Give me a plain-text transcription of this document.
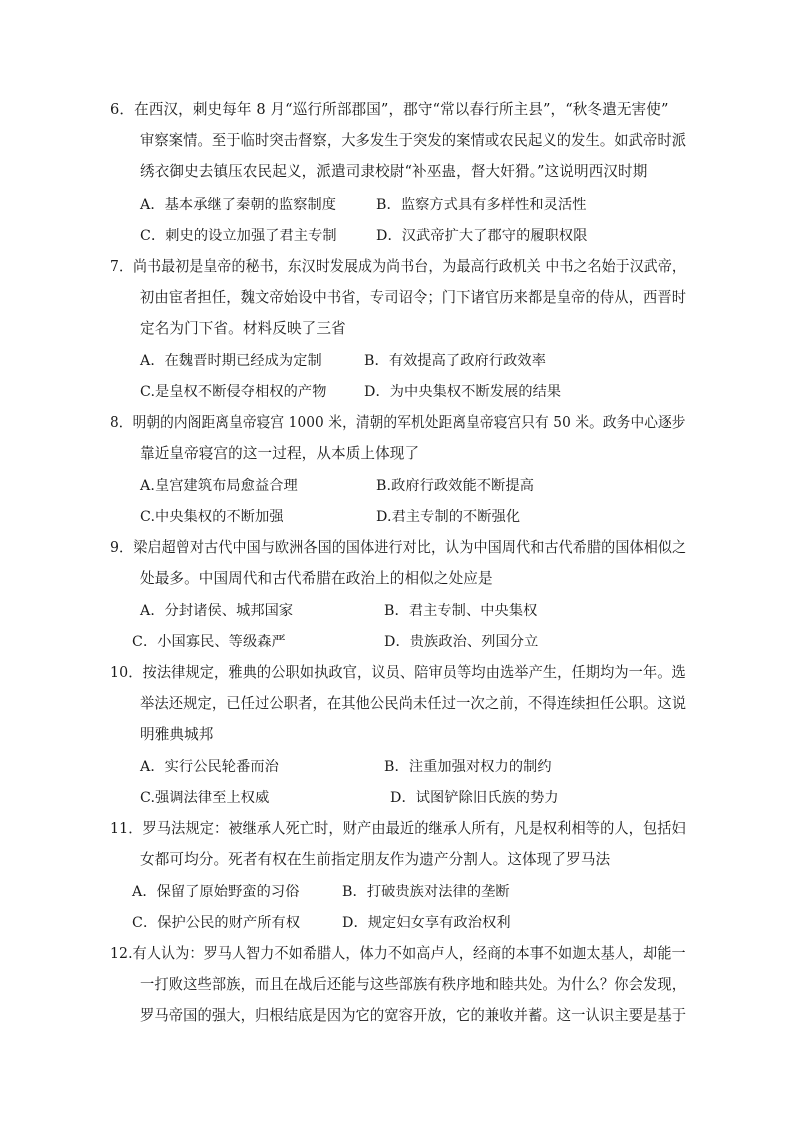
6．在西汉，刺史每年 8 月“巡行所部郡国”，郡守“常以春行所主县”，“秋冬遣无害使”
审察案情。至于临时突击督察，大多发生于突发的案情或农民起义的发生。如武帝时派
绣衣御史去镇压农民起义，派遣司隶校尉“补巫蛊，督大奸猾。”这说明西汉时期
A．基本承继了秦朝的监察制度	B．监察方式具有多样性和灵活性
C．刺史的设立加强了君主专制	D．汉武帝扩大了郡守的履职权限
7．尚书最初是皇帝的秘书，东汉时发展成为尚书台，为最高行政机关 中书之名始于汉武帝，
初由宦者担任，魏文帝始设中书省，专司诏令；门下诸官历来都是皇帝的侍从，西晋时
定名为门下省。材料反映了三省
A．在魏晋时期已经成为定制	B．有效提高了政府行政效率
C.是皇权不断侵夺相权的产物	D．为中央集权不断发展的结果
8．明朝的内阁距离皇帝寝宫 1000 米，清朝的军机处距离皇帝寝宫只有 50 米。政务中心逐步
靠近皇帝寝宫的这一过程，从本质上体现了
A.皇宫建筑布局愈益合理	B.政府行政效能不断提高
C.中央集权的不断加强	D.君主专制的不断强化
9．梁启超曾对古代中国与欧洲各国的国体进行对比，认为中国周代和古代希腊的国体相似之
处最多。中国周代和古代希腊在政治上的相似之处应是
A．分封诸侯、城邦国家	B．君主专制、中央集权
C．小国寡民、等级森严	D．贵族政治、列国分立
10．按法律规定，雅典的公职如执政官，议员、陪审员等均由选举产生，任期均为一年。选
举法还规定，已任过公职者，在其他公民尚未任过一次之前，不得连续担任公职。这说
明雅典城邦
A．实行公民轮番而治	B．注重加强对权力的制约
C.强调法律至上权威	D．试图铲除旧氏族的势力
11．罗马法规定：被继承人死亡时，财产由最近的继承人所有，凡是权利相等的人，包括妇
女都可均分。死者有权在生前指定朋友作为遗产分割人。这体现了罗马法
A．保留了原始野蛮的习俗	B．打破贵族对法律的垄断
C．保护公民的财产所有权	D．规定妇女享有政治权利
12.有人认为：罗马人智力不如希腊人，体力不如高卢人，经商的本事不如迦太基人，却能一
一打败这些部族，而且在战后还能与这些部族有秩序地和睦共处。为什么？你会发现，
罗马帝国的强大，归根结底是因为它的宽容开放，它的兼收并蓄。这一认识主要是基于
